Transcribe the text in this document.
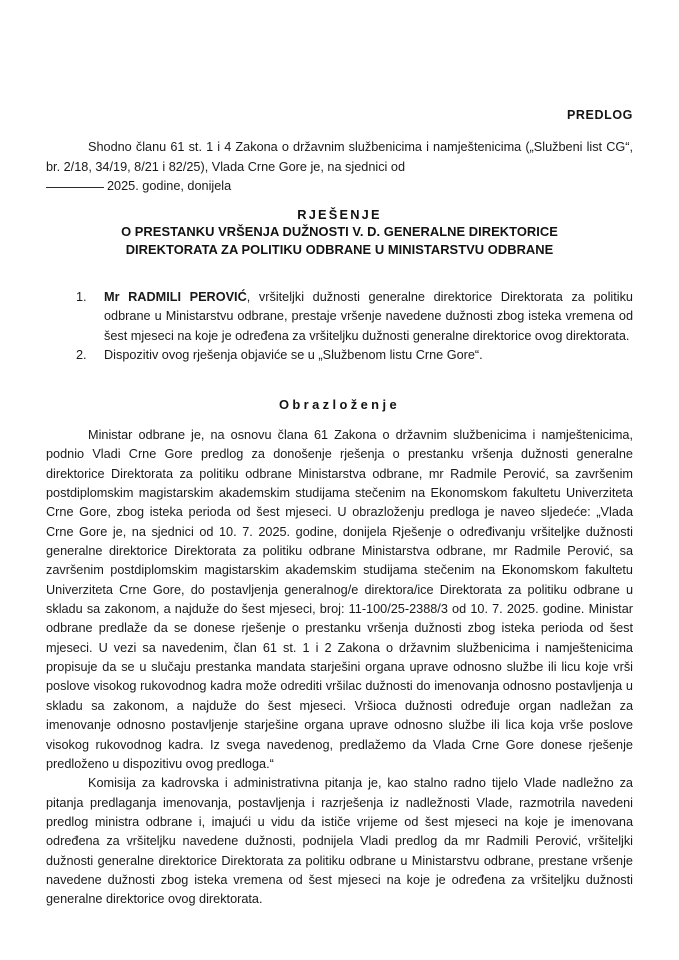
PREDLOG
Shodno članu 61 st. 1 i 4 Zakona o državnim službenicima i namještenicima („Službeni list CG“, br. 2/18, 34/19, 8/21 i 82/25), Vlada Crne Gore je, na sjednici od
2025. godine, donijela
RJEŠENJE
O PRESTANKU VRŠENJA DUŽNOSTI V. D. GENERALNE DIREKTORICE
DIREKTORATA ZA POLITIKU ODBRANE U MINISTARSTVU ODBRANE
1.	Mr RADMILI PEROVIĆ, vršiteljki dužnosti generalne direktorice Direktorata za politiku odbrane u Ministarstvu odbrane, prestaje vršenje navedene dužnosti zbog isteka vremena od šest mjeseci na koje je određena za vršiteljku dužnosti generalne direktorice ovog direktorata.
2.	Dispozitiv ovog rješenja objaviće se u „Službenom listu Crne Gore“.
Obrazloženje

Ministar odbrane je, na osnovu člana 61 Zakona o državnim službenicima i namještenicima, podnio Vladi Crne Gore predlog za donošenje rješenja o prestanku vršenja dužnosti generalne direktorice Direktorata za politiku odbrane Ministarstva odbrane, mr Radmile Perović, sa završenim postdiplomskim magistarskim akademskim studijama stečenim na Ekonomskom fakultetu Univerziteta Crne Gore, zbog isteka perioda od šest mjeseci. U obrazloženju predloga je naveo sljedeće: „Vlada Crne Gore je, na sjednici od 10. 7. 2025. godine, donijela Rješenje o određivanju vršiteljke dužnosti generalne direktorice Direktorata za politiku odbrane Ministarstva odbrane, mr Radmile Perović, sa završenim postdiplomskim magistarskim akademskim studijama stečenim na Ekonomskom fakultetu Univerziteta Crne Gore, do postavljenja generalnog/e direktora/ice Direktorata za politiku odbrane u skladu sa zakonom, a najduže do šest mjeseci, broj: 11-100/25-2388/3 od 10. 7. 2025. godine. Ministar odbrane predlaže da se donese rješenje o prestanku vršenja dužnosti zbog isteka perioda od šest mjeseci. U vezi sa navedenim, član 61 st. 1 i 2 Zakona o državnim službenicima i namještenicima propisuje da se u slučaju prestanka mandata starješini organa uprave odnosno službe ili licu koje vrši poslove visokog rukovodnog kadra može odrediti vršilac dužnosti do imenovanja odnosno postavljenja u skladu sa zakonom, a najduže do šest mjeseci. Vršioca dužnosti određuje organ nadležan za imenovanje odnosno postavljenje starješine organa uprave odnosno službe ili lica koja vrše poslove visokog rukovodnog kadra. Iz svega navedenog, predlažemo da Vlada Crne Gore donese rješenje predloženo u dispozitivu ovog predloga.“

Komisija za kadrovska i administrativna pitanja je, kao stalno radno tijelo Vlade nadležno za pitanja predlaganja imenovanja, postavljenja i razrješenja iz nadležnosti Vlade, razmotrila navedeni predlog ministra odbrane i, imajući u vidu da ističe vrijeme od šest mjeseci na koje je imenovana određena za vršiteljku navedene dužnosti, podnijela Vladi predlog da mr Radmili Perović, vršiteljki dužnosti generalne direktorice Direktorata za politiku odbrane u Ministarstvu odbrane, prestane vršenje navedene dužnosti zbog isteka vremena od šest mjeseci na koje je određena za vršiteljku dužnosti generalne direktorice ovog direktorata.
